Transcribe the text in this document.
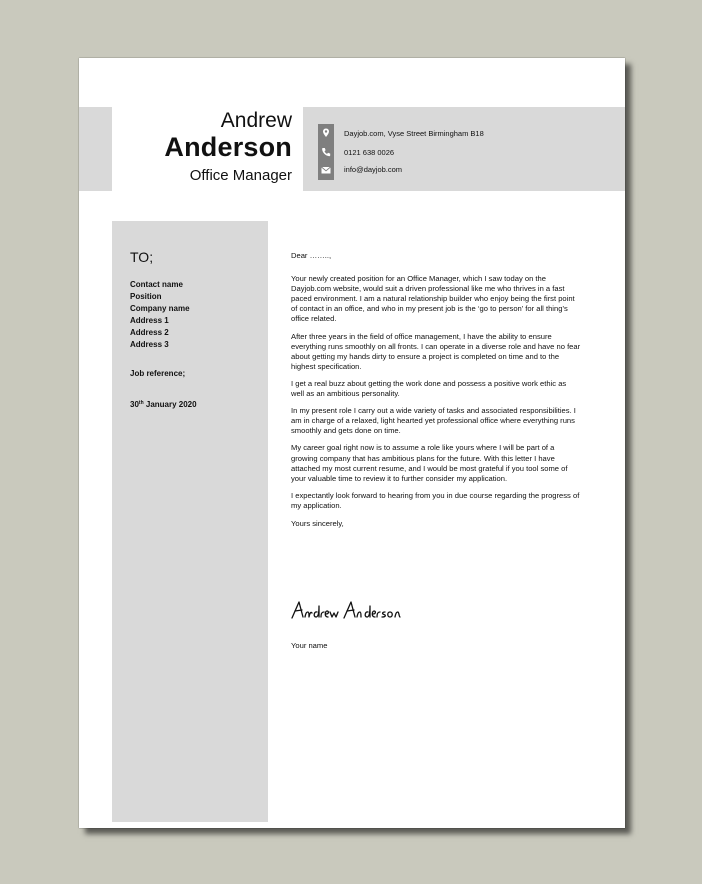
Andrew
Anderson
Office Manager
Dayjob.com, Vyse Street Birmingham B18
0121 638 0026
info@dayjob.com
TO;
Contact name
Position
Company name
Address 1
Address 2
Address 3
Job reference;
30th January 2020

Dear ……..,

Your newly created position for an Office Manager, which I saw today on the Dayjob.com website, would suit a driven professional like me who thrives in a fast paced environment. I am a natural relationship builder who enjoy being the first point of contact in an office, and who in my present job is the ‘go to person’ for all thing’s office related.

After three years in the field of office management, I have the ability to ensure everything runs smoothly on all fronts. I can operate in a diverse role and have no fear about getting my hands dirty to ensure a project is completed on time and to the highest specification.

I get a real buzz about getting the work done and possess a positive work ethic as well as an ambitious personality.

In my present role I carry out a wide variety of tasks and associated responsibilities. I am in charge of a relaxed, light hearted yet professional office where everything runs smoothly and gets done on time.

My career goal right now is to assume a role like yours where I will be part of a growing company that has ambitious plans for the future. With this letter I have attached my most current resume, and I would be most grateful if you tool some of your valuable time to review it to further consider my application.

I expectantly look forward to hearing from you in due course regarding the progress of my application.

Yours sincerely,

Your name
